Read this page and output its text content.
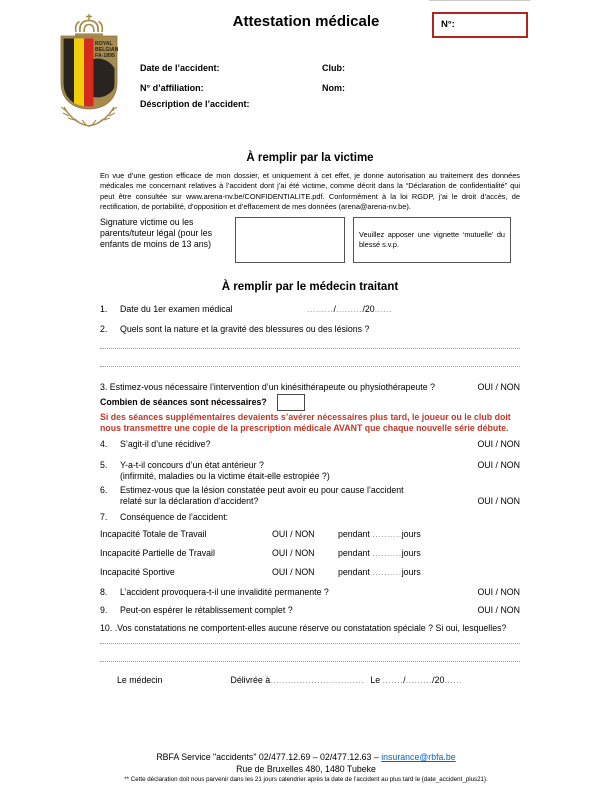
ROYAL
BELGIAN
FA·1895
Attestation médicale	N°:
Date de l’accident:	Club:
N° d’affiliation:	Nom:
Déscription de l’accident:
À remplir par la victime

En vue d’une gestion efficace de mon dossier, et uniquement à cet effet, je donne autorisation au traitement des données médicales me concernant relatives à l’accident dont j’ai été victime, comme décrit dans la “Déclaration de confidentialité” qui peut être consultée sur www.arena-nv.be/CONFIDENTIALITE.pdf. Conformément à la loi RGDP, j’ai le droit d’accès, de rectification, de portabilité, d’opposition et d’effacement de mes données (arena@arena-nv.be).

Signature victime ou les parents/tuteur légal (pour les enfants de moins de 13 ans)
Veuillez apposer une vignette ‘mutuelle’ du blessé s.v.p.
À remplir par le médecin traitant
1.	Date du 1er examen médical	........./........./20......
2.	Quels sont la nature et la gravité des blessures ou des lésions ?
3. Estimez-vous nécessaire l’intervention d’un kinésithérapeute ou physiothérapeute ?	OUI / NON
Combien de séances sont nécessaires?
Si des séances supplémentaires devaients s’avérer nécessaires plus tard, le joueur ou le club doit
nous transmettre une copie de la prescription médicale AVANT que chaque nouvelle série débute.
4.	S’agit-il d’une récidive?	OUI / NON
5.	Y-a-t-il concours d’un état antérieur ?
(infirmité, maladies ou la victime était-elle estropiée ?)
OUI / NON
6.	Estimez-vous que la lésion constatée peut avoir eu pour cause l’accident
relaté sur la déclaration d’accident?	OUI / NON
7.	Conséquence de l’accident:
Incapacité Totale de Travail	OUI / NON	pendant ..........jours
Incapacité Partielle de Travail	OUI / NON	pendant ..........jours
Incapacité Sportive	OUI / NON	pendant ..........jours
8.	L’accident provoquera-t-il une invalidité permanente ?	OUI / NON
9.	Peut-on espérer le rétablissement complet ?	OUI / NON
10. .Vos constatations ne comportent-elles aucune réserve ou constatation spéciale ? Si oui, lesquelles?
Le médecin	Délivrée à ................................ Le ......./........./20......
RBFA Service "accidents" 02/477.12.69 – 02/477.12.63 – insurance@rbfa.be
Rue de Bruxelles 480, 1480 Tubeke
** Cette déclaration doit nous parvenir dans les 21 jours calendrier après la date de l’accident au plus tard le {date_accident_plus21}.
